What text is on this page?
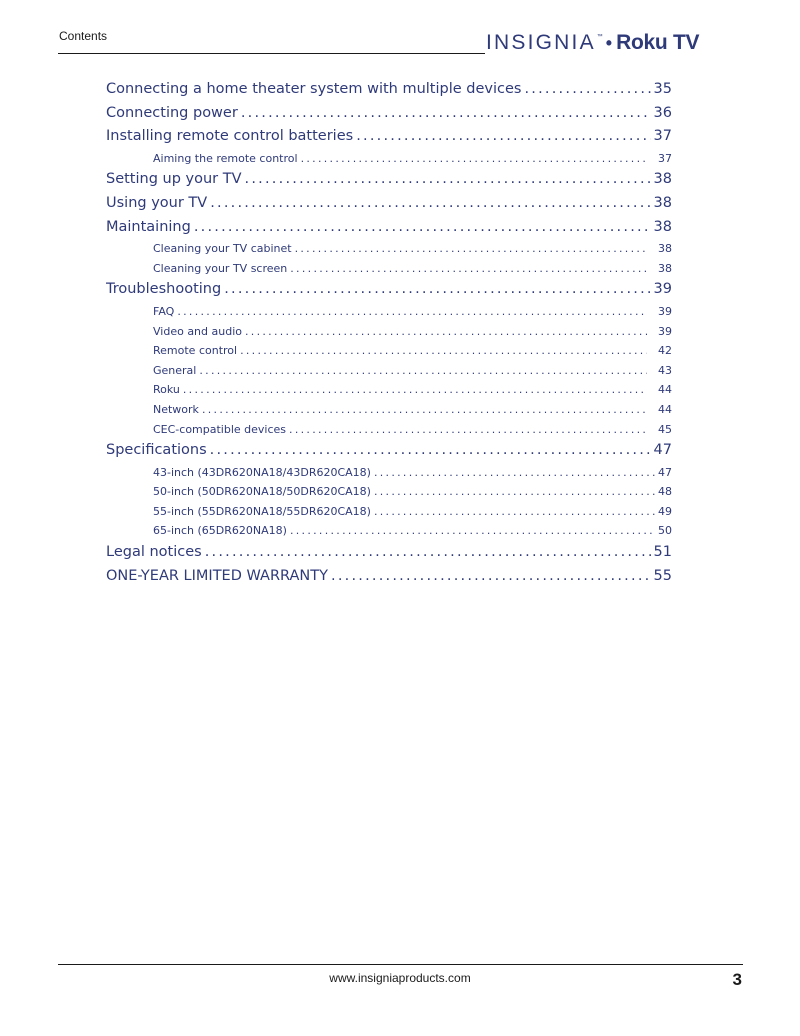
Contents	INSIGNIA ™ • Roku TV
Connecting a home theater system with multiple devices . . .	35
Connecting power . . .	36
Installing remote control batteries . . .	37
Aiming the remote control . . .	37
Setting up your TV . . .	38
Using your TV . . .	38
Maintaining . . .	38
Cleaning your TV cabinet . . .	38
Cleaning your TV screen . . .	38
Troubleshooting . . .	39
FAQ . . .	39
Video and audio . . .	39
Remote control . . .	42
General . . .	43
Roku . . .	44
Network . . .	44
CEC-compatible devices . . .	45
Specifications . . .	47
43-inch (43DR620NA18/43DR620CA18) . . .	47
50-inch (50DR620NA18/50DR620CA18) . . .	48
55-inch (55DR620NA18/55DR620CA18) . . .	49
65-inch (65DR620NA18) . . .	50
Legal notices . . .	51
ONE-YEAR LIMITED WARRANTY . . .	55
www.insigniaproducts.com	3
